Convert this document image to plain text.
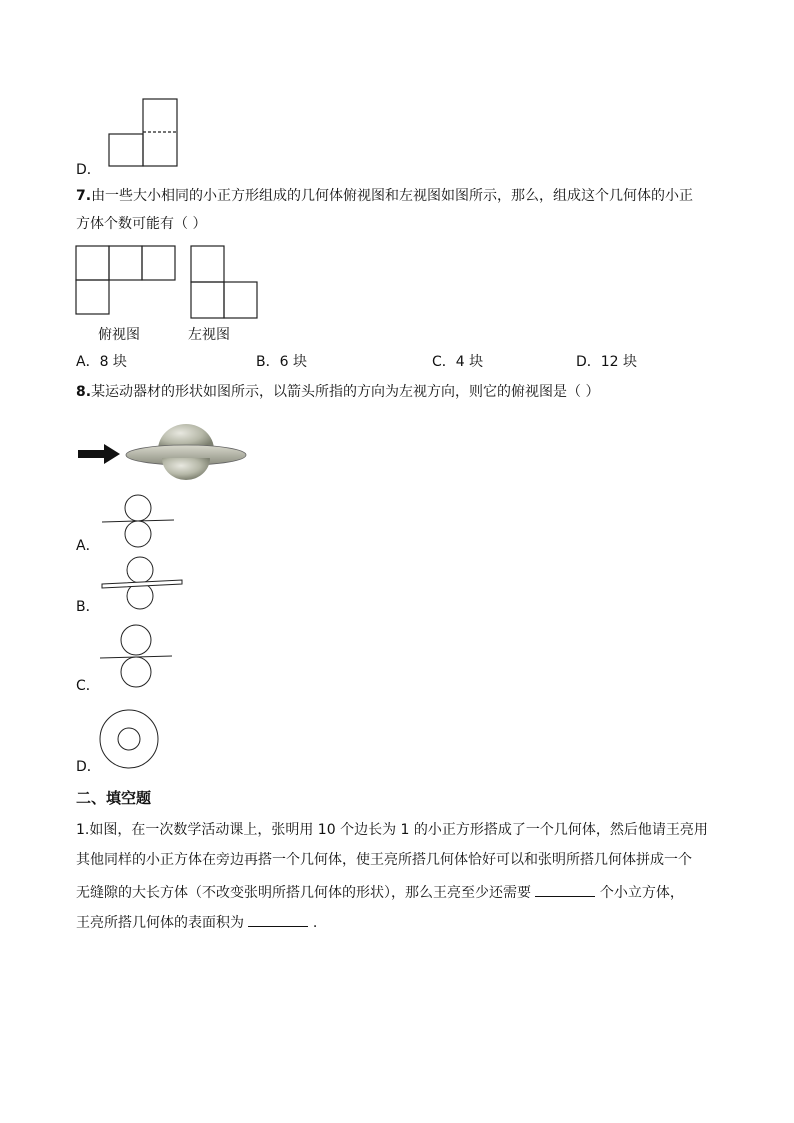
D．
7.由一些大小相同的小正方形组成的几何体俯视图和左视图如图所示，那么，组成这个几何体的小正
方体个数可能有（ ）
俯视图	左视图
A．8 块	B．6 块	C．4 块	D．12 块
8.某运动器材的形状如图所示，以箭头所指的方向为左视方向，则它的俯视图是（ ）
A．
B．
C．
D．
二、填空题
1.如图，在一次数学活动课上，张明用 10 个边长为 1 的小正方形搭成了一个几何体，然后他请王亮用
其他同样的小正方体在旁边再搭一个几何体，使王亮所搭几何体恰好可以和张明所搭几何体拼成一个
无缝隙的大长方体（不改变张明所搭几何体的形状），那么王亮至少还需要	个小立方体，
王亮所搭几何体的表面积为	.
